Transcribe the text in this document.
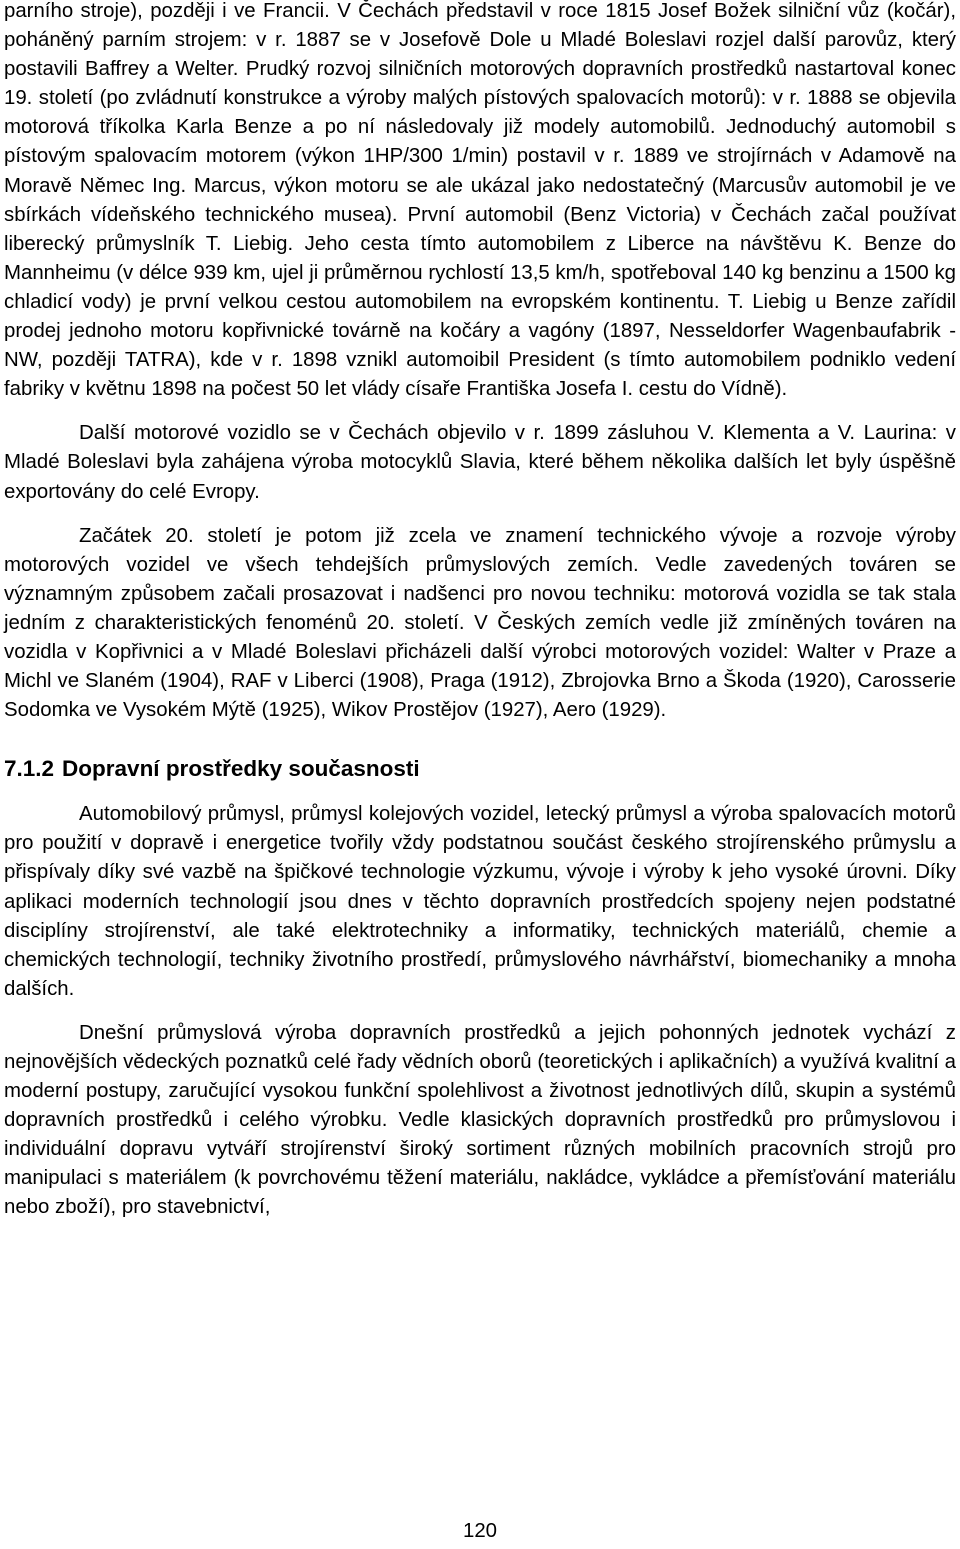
parního stroje), později i ve Francii. V Čechách představil v roce 1815 Josef Božek silniční vůz (kočár), poháněný parním strojem: v r. 1887 se v Josefově Dole u Mladé Boleslavi rozjel další parovůz, který postavili Baffrey a Welter. Prudký rozvoj silničních motorových dopravních prostředků nastartoval konec 19. století (po zvládnutí konstrukce a výroby malých pístových spalovacích motorů): v r. 1888 se objevila motorová tříkolka Karla Benze a po ní následovaly již modely automobilů. Jednoduchý automobil s pístovým spalovacím motorem (výkon 1HP/300 1/min) postavil v r. 1889 ve strojírnách v Adamově na Moravě Němec Ing. Marcus, výkon motoru se ale ukázal jako nedostatečný (Marcusův automobil je ve sbírkách vídeňského technického musea). První automobil (Benz Victoria) v Čechách začal používat liberecký průmyslník T. Liebig. Jeho cesta tímto automobilem z Liberce na návštěvu K. Benze do Mannheimu (v délce 939 km, ujel ji průměrnou rychlostí 13,5 km/h, spotřeboval 140 kg benzinu a 1500 kg chladicí vody) je první velkou cestou automobilem na evropském kontinentu. T. Liebig u Benze zařídil prodej jednoho motoru kopřivnické továrně na kočáry a vagóny (1897, Nesseldorfer Wagenbaufabrik - NW, později TATRA), kde v r. 1898 vznikl automoibil President (s tímto automobilem podniklo vedení fabriky v květnu 1898 na počest 50 let vlády císaře Františka Josefa I. cestu do Vídně).

Další motorové vozidlo se v Čechách objevilo v r. 1899 zásluhou V. Klementa a V. Laurina: v Mladé Boleslavi byla zahájena výroba motocyklů Slavia, které během několika dalších let byly úspěšně exportovány do celé Evropy.

Začátek 20. století je potom již zcela ve znamení technického vývoje a rozvoje výroby motorových vozidel ve všech tehdejších průmyslových zemích. Vedle zavedených továren se významným způsobem začali prosazovat i nadšenci pro novou techniku: motorová vozidla se tak stala jedním z charakteristických fenoménů 20. století. V Českých zemích vedle již zmíněných továren na vozidla v Kopřivnici a v Mladé Boleslavi přicházeli další výrobci motorových vozidel: Walter v Praze a Michl ve Slaném (1904), RAF v Liberci (1908), Praga (1912), Zbrojovka Brno a Škoda (1920), Carosserie Sodomka ve Vysokém Mýtě (1925), Wikov Prostějov (1927), Aero (1929).

7.1.2 Dopravní prostředky současnosti

Automobilový průmysl, průmysl kolejových vozidel, letecký průmysl a výroba spalovacích motorů pro použití v dopravě i energetice tvořily vždy podstatnou součást českého strojírenského průmyslu a přispívaly díky své vazbě na špičkové technologie výzkumu, vývoje i výroby k jeho vysoké úrovni. Díky aplikaci moderních technologií jsou dnes v těchto dopravních prostředcích spojeny nejen podstatné disciplíny strojírenství, ale také elektrotechniky a informatiky, technických materiálů, chemie a chemických technologií, techniky životního prostředí, průmyslového návrhářství, biomechaniky a mnoha dalších.

Dnešní průmyslová výroba dopravních prostředků a jejich pohonných jednotek vychází z nejnovějších vědeckých poznatků celé řady vědních oborů (teoretických i aplikačních) a využívá kvalitní a moderní postupy, zaručující vysokou funkční spolehlivost a životnost jednotlivých dílů, skupin a systémů dopravních prostředků i celého výrobku. Vedle klasických dopravních prostředků pro průmyslovou i individuální dopravu vytváří strojírenství široký sortiment různých mobilních pracovních strojů pro manipulaci s materiálem (k povrchovému těžení materiálu, nakládce, vykládce a přemísťování materiálu nebo zboží), pro stavebnictví,

120
